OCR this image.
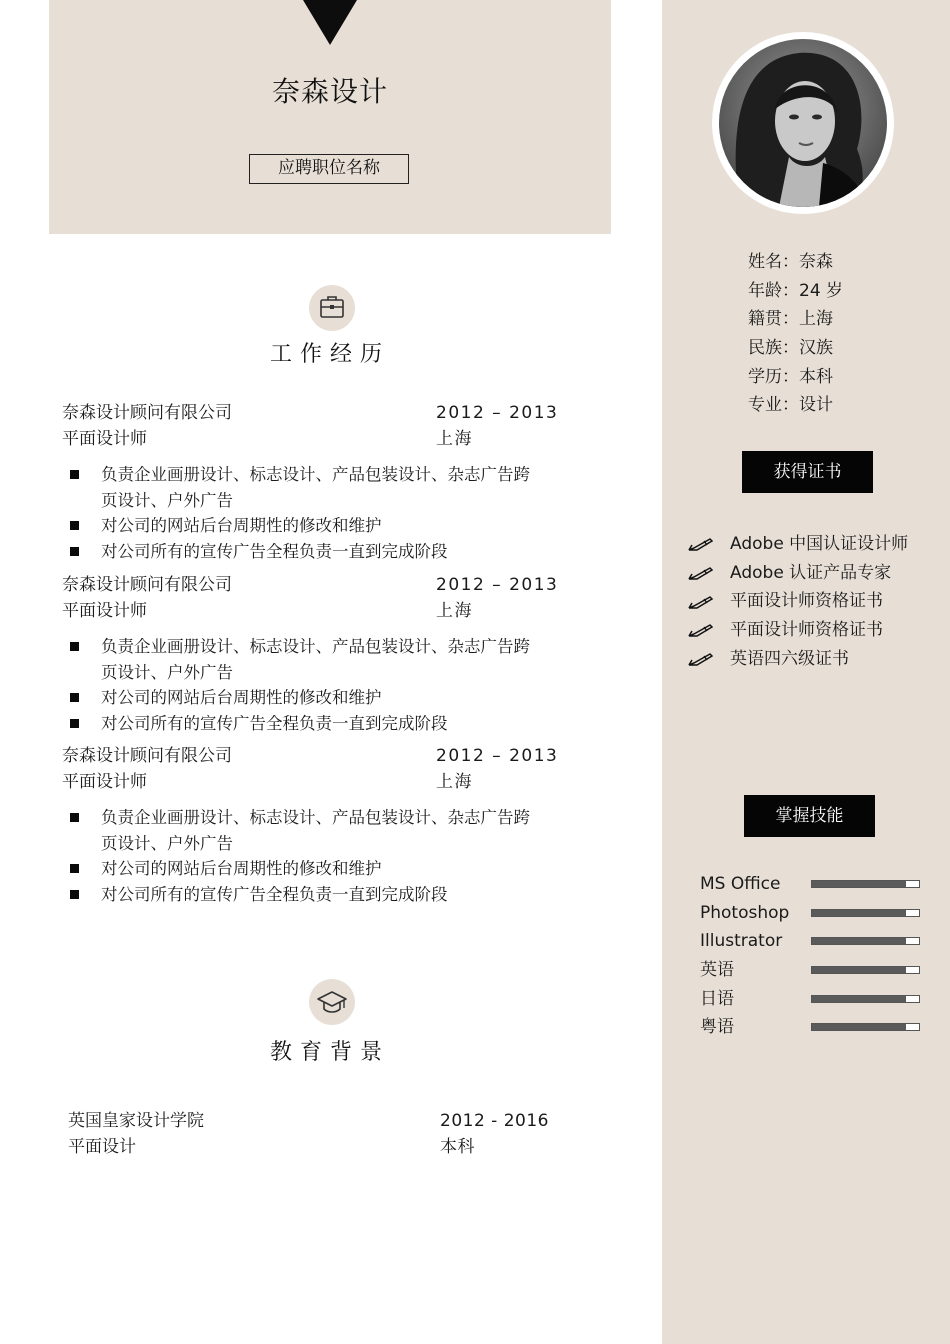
奈森设计
应聘职位名称
工作经历
奈森设计顾问有限公司	2012 – 2013
平面设计师	上海
负责企业画册设计、标志设计、产品包装设计、杂志广告跨页设计、户外广告
对公司的网站后台周期性的修改和维护
对公司所有的宣传广告全程负责一直到完成阶段
奈森设计顾问有限公司	2012 – 2013
平面设计师	上海
负责企业画册设计、标志设计、产品包装设计、杂志广告跨页设计、户外广告
对公司的网站后台周期性的修改和维护
对公司所有的宣传广告全程负责一直到完成阶段
奈森设计顾问有限公司	2012 – 2013
平面设计师	上海
负责企业画册设计、标志设计、产品包装设计、杂志广告跨页设计、户外广告
对公司的网站后台周期性的修改和维护
对公司所有的宣传广告全程负责一直到完成阶段
教育背景
英国皇家设计学院	2012 - 2016
平面设计	本科
姓名：奈森
年龄：24 岁
籍贯：上海
民族：汉族
学历：本科
专业：设计
获得证书
Adobe 中国认证设计师
Adobe 认证产品专家
平面设计师资格证书
平面设计师资格证书
英语四六级证书
掌握技能
MS Office
Photoshop
Illustrator
英语
日语
粤语
